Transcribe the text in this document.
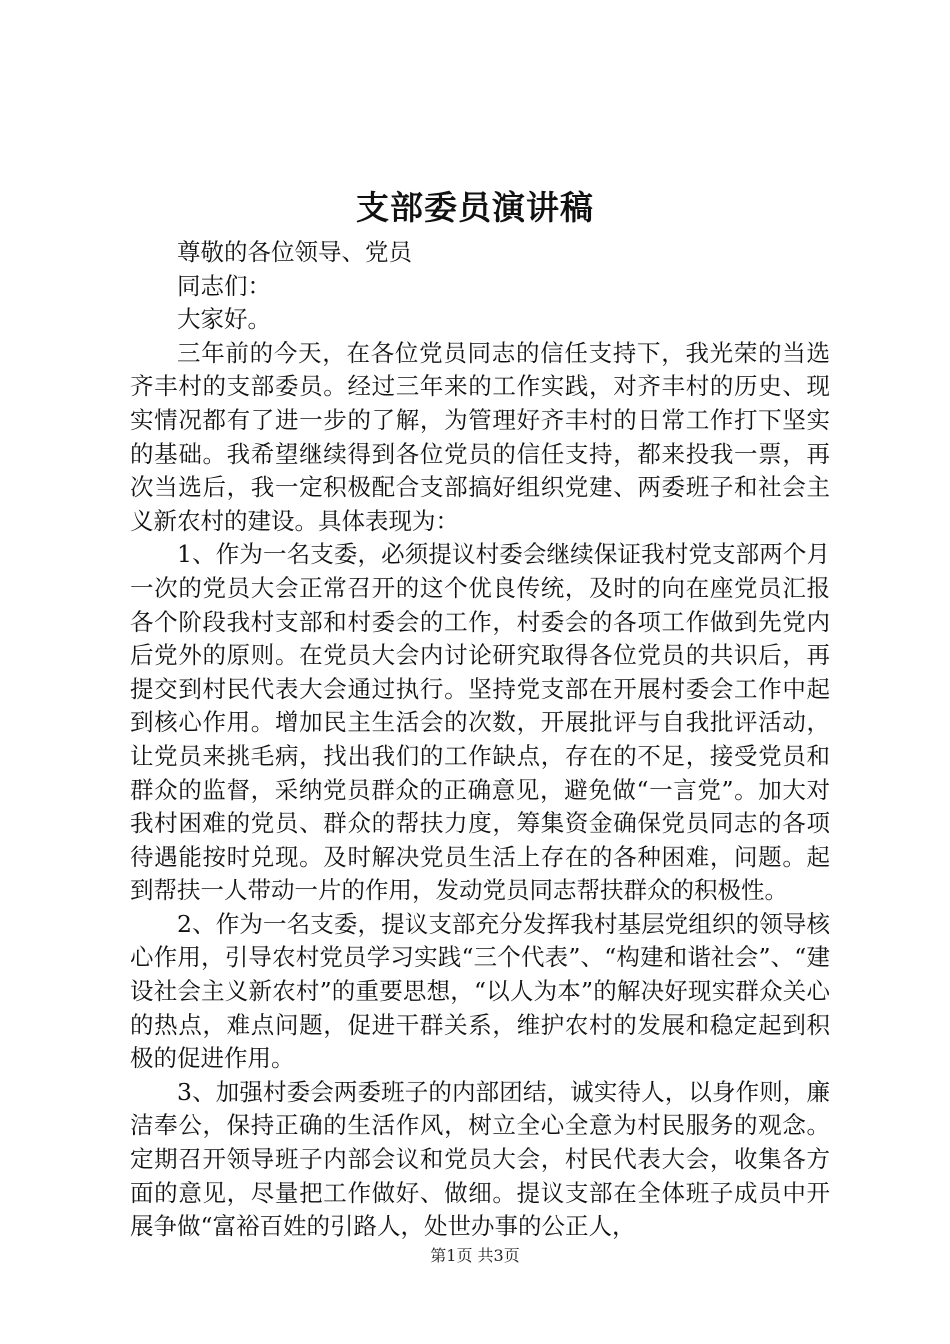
支部委员演讲稿

尊敬的各位领导、党员

同志们：

大家好。

三年前的今天，在各位党员同志的信任支持下，我光荣的当选齐丰村的支部委员。经过三年来的工作实践，对齐丰村的历史、现实情况都有了进一步的了解，为管理好齐丰村的日常工作打下坚实的基础。我希望继续得到各位党员的信任支持，都来投我一票，再次当选后，我一定积极配合支部搞好组织党建、两委班子和社会主义新农村的建设。具体表现为：

1、作为一名支委，必须提议村委会继续保证我村党支部两个月一次的党员大会正常召开的这个优良传统，及时的向在座党员汇报各个阶段我村支部和村委会的工作，村委会的各项工作做到先党内后党外的原则。在党员大会内讨论研究取得各位党员的共识后，再提交到村民代表大会通过执行。坚持党支部在开展村委会工作中起到核心作用。增加民主生活会的次数，开展批评与自我批评活动，让党员来挑毛病，找出我们的工作缺点，存在的不足，接受党员和群众的监督，采纳党员群众的正确意见，避免做“一言党”。加大对我村困难的党员、群众的帮扶力度，筹集资金确保党员同志的各项待遇能按时兑现。及时解决党员生活上存在的各种困难，问题。起到帮扶一人带动一片的作用，发动党员同志帮扶群众的积极性。

2、作为一名支委，提议支部充分发挥我村基层党组织的领导核心作用，引导农村党员学习实践“三个代表”、“构建和谐社会”、“建设社会主义新农村”的重要思想，“以人为本”的解决好现实群众关心的热点，难点问题，促进干群关系，维护农村的发展和稳定起到积极的促进作用。

3、加强村委会两委班子的内部团结，诚实待人，以身作则，廉洁奉公，保持正确的生活作风，树立全心全意为村民服务的观念。定期召开领导班子内部会议和党员大会，村民代表大会，收集各方面的意见，尽量把工作做好、做细。提议支部在全体班子成员中开展争做“富裕百姓的引路人，处世办事的公正人，

第1页 共3页
